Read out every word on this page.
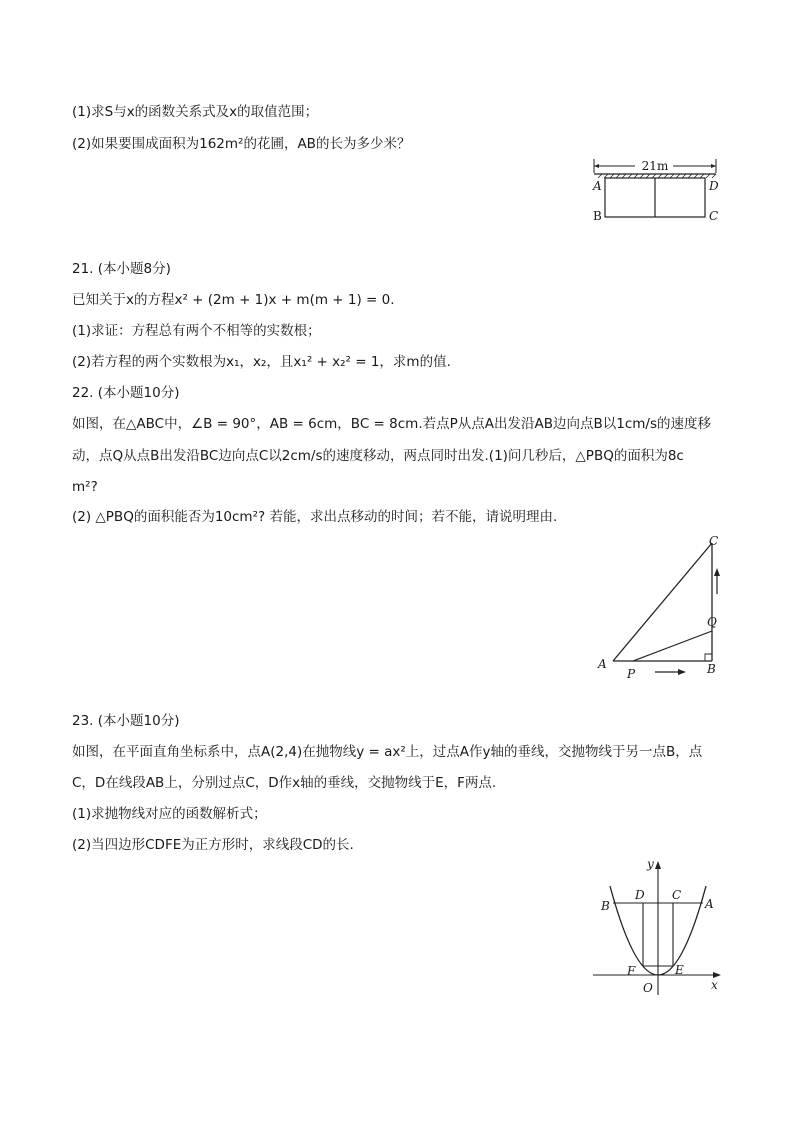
(1)求S与x的函数关系式及x的取值范围；
(2)如果要围成面积为162m²的花圃，AB的长为多少米？
21m
A	D
B	C
21. (本小题8分)
已知关于x的方程x² + (2m + 1)x + m(m + 1) = 0.
(1)求证：方程总有两个不相等的实数根；
(2)若方程的两个实数根为x₁，x₂，且x₁² + x₂² = 1，求m的值.
22. (本小题10分)
如图，在△ABC中，∠B = 90°，AB = 6cm，BC = 8cm.若点P从点A出发沿AB边向点B以1cm/s的速度移
动，点Q从点B出发沿BC边向点C以2cm/s的速度移动，两点同时出发.(1)问几秒后，△PBQ的面积为8c
m²?
(2) △PBQ的面积能否为10cm²? 若能，求出点移动的时间；若不能，请说明理由.
C
Q
A
P	B
23. (本小题10分)
如图，在平面直角坐标系中，点A(2,4)在抛物线y = ax²上，过点A作y轴的垂线，交抛物线于另一点B，点
C，D在线段AB上，分别过点C，D作x轴的垂线，交抛物线于E，F两点.
(1)求抛物线对应的函数解析式；
(2)当四边形CDFE为正方形时，求线段CD的长.
y
D C
B	A
F	E
O	x
